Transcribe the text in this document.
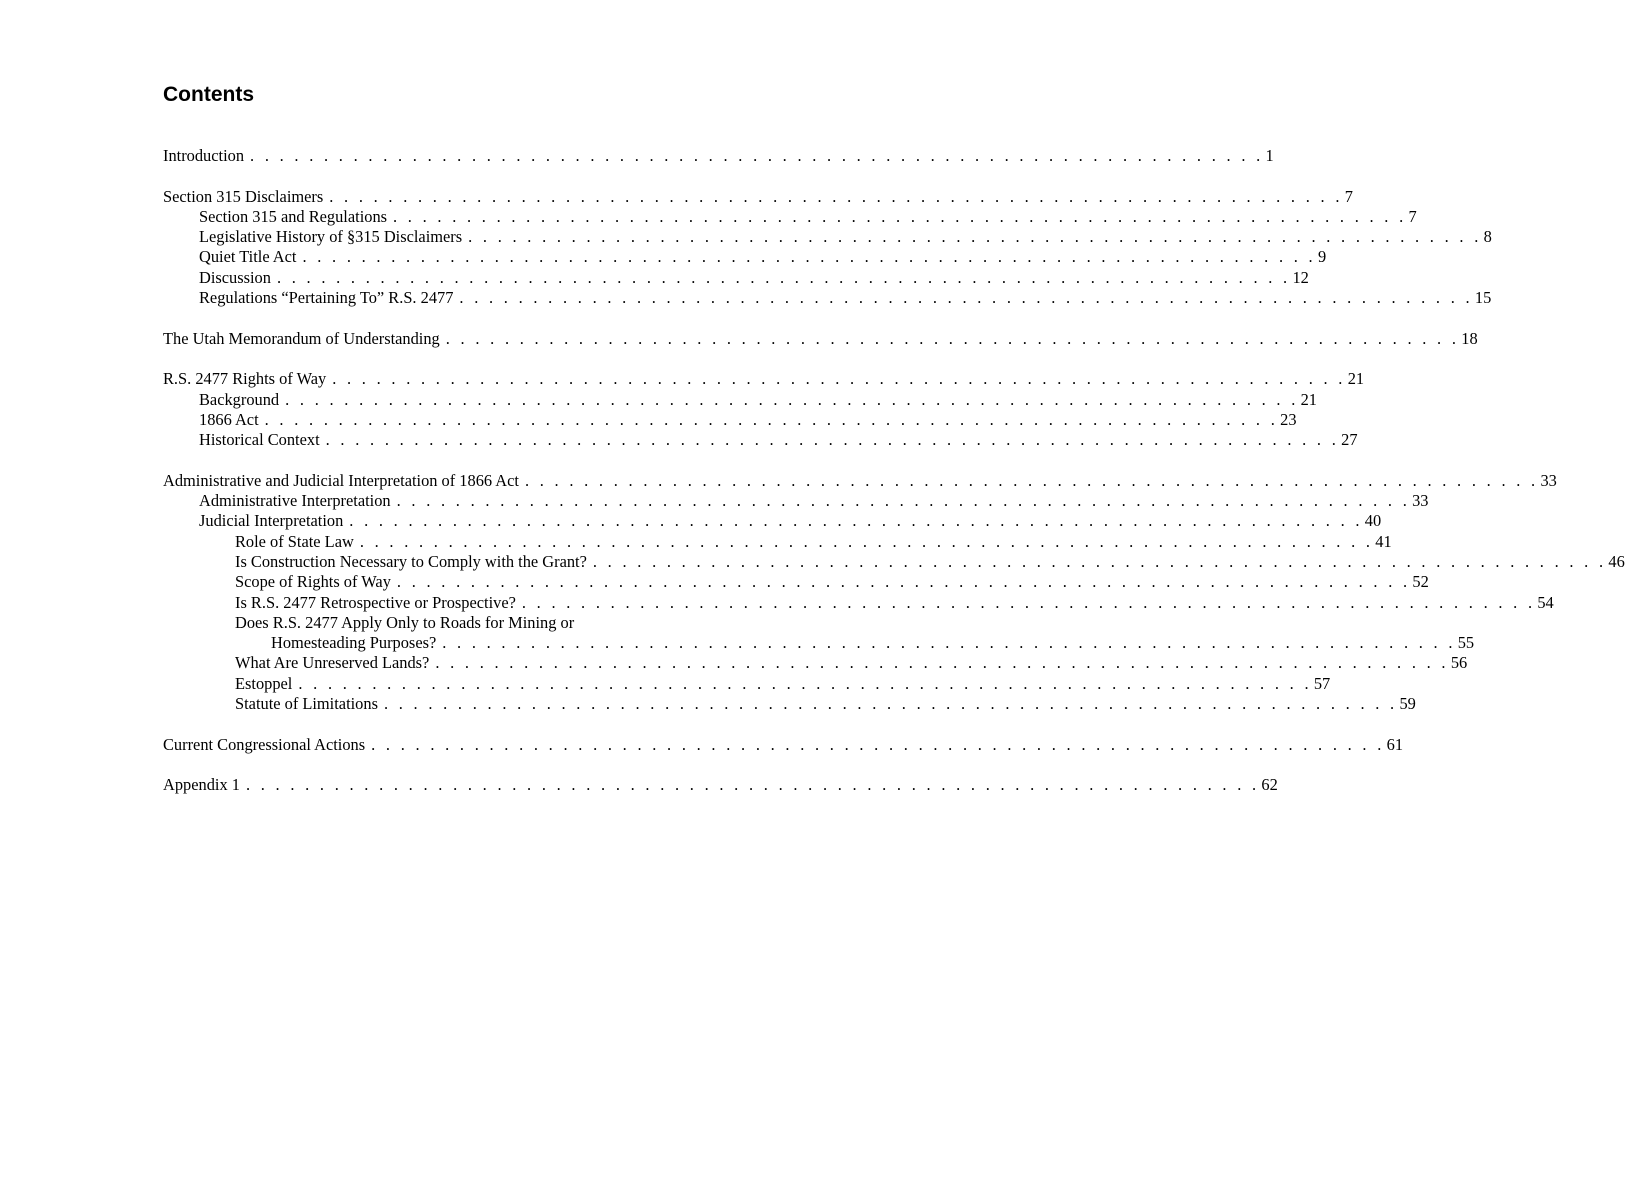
Contents
Introduction . . . . . . . . . . . . . . . . . . . . . . . . . . . . . . . . . . . . . . . . . . . . . . . . . . . . . . . . . . . . . . . . . . . . . 1
Section 315 Disclaimers . . . . . . . . . . . . . . . . . . . . . . . . . . . . . . . . . . . . . . . . . . . . . . . . . . . . . . . . . . . . . . . . . . . . . 7
Section 315 and Regulations . . . . . . . . . . . . . . . . . . . . . . . . . . . . . . . . . . . . . . . . . . . . . . . . . . . . . . . . . . . . . . . . . . . . . 7
Legislative History of §315 Disclaimers . . . . . . . . . . . . . . . . . . . . . . . . . . . . . . . . . . . . . . . . . . . . . . . . . . . . . . . . . . . . . . . . . . . . . 8
Quiet Title Act . . . . . . . . . . . . . . . . . . . . . . . . . . . . . . . . . . . . . . . . . . . . . . . . . . . . . . . . . . . . . . . . . . . . . 9
Discussion . . . . . . . . . . . . . . . . . . . . . . . . . . . . . . . . . . . . . . . . . . . . . . . . . . . . . . . . . . . . . . . . . . . . . 12
Regulations “Pertaining To” R.S. 2477 . . . . . . . . . . . . . . . . . . . . . . . . . . . . . . . . . . . . . . . . . . . . . . . . . . . . . . . . . . . . . . . . . . . . . 15
The Utah Memorandum of Understanding . . . . . . . . . . . . . . . . . . . . . . . . . . . . . . . . . . . . . . . . . . . . . . . . . . . . . . . . . . . . . . . . . . . . . 18
R.S. 2477 Rights of Way . . . . . . . . . . . . . . . . . . . . . . . . . . . . . . . . . . . . . . . . . . . . . . . . . . . . . . . . . . . . . . . . . . . . . 21
Background . . . . . . . . . . . . . . . . . . . . . . . . . . . . . . . . . . . . . . . . . . . . . . . . . . . . . . . . . . . . . . . . . . . . . 21
1866 Act . . . . . . . . . . . . . . . . . . . . . . . . . . . . . . . . . . . . . . . . . . . . . . . . . . . . . . . . . . . . . . . . . . . . . 23
Historical Context . . . . . . . . . . . . . . . . . . . . . . . . . . . . . . . . . . . . . . . . . . . . . . . . . . . . . . . . . . . . . . . . . . . . . 27
Administrative and Judicial Interpretation of 1866 Act . . . . . . . . . . . . . . . . . . . . . . . . . . . . . . . . . . . . . . . . . . . . . . . . . . . . . . . . . . . . . . . . . . . . . 33
Administrative Interpretation . . . . . . . . . . . . . . . . . . . . . . . . . . . . . . . . . . . . . . . . . . . . . . . . . . . . . . . . . . . . . . . . . . . . . 33
Judicial Interpretation . . . . . . . . . . . . . . . . . . . . . . . . . . . . . . . . . . . . . . . . . . . . . . . . . . . . . . . . . . . . . . . . . . . . . 40
Role of State Law . . . . . . . . . . . . . . . . . . . . . . . . . . . . . . . . . . . . . . . . . . . . . . . . . . . . . . . . . . . . . . . . . . . . . 41
Is Construction Necessary to Comply with the Grant? . . . . . . . . . . . . . . . . . . . . . . . . . . . . . . . . . . . . . . . . . . . . . . . . . . . . . . . . . . . . . . . . . . . . . 46
Scope of Rights of Way . . . . . . . . . . . . . . . . . . . . . . . . . . . . . . . . . . . . . . . . . . . . . . . . . . . . . . . . . . . . . . . . . . . . . 52
Is R.S. 2477 Retrospective or Prospective? . . . . . . . . . . . . . . . . . . . . . . . . . . . . . . . . . . . . . . . . . . . . . . . . . . . . . . . . . . . . . . . . . . . . . 54
Does R.S. 2477 Apply Only to Roads for Mining or
Homesteading Purposes? . . . . . . . . . . . . . . . . . . . . . . . . . . . . . . . . . . . . . . . . . . . . . . . . . . . . . . . . . . . . . . . . . . . . . 55
What Are Unreserved Lands? . . . . . . . . . . . . . . . . . . . . . . . . . . . . . . . . . . . . . . . . . . . . . . . . . . . . . . . . . . . . . . . . . . . . . 56
Estoppel . . . . . . . . . . . . . . . . . . . . . . . . . . . . . . . . . . . . . . . . . . . . . . . . . . . . . . . . . . . . . . . . . . . . . 57
Statute of Limitations . . . . . . . . . . . . . . . . . . . . . . . . . . . . . . . . . . . . . . . . . . . . . . . . . . . . . . . . . . . . . . . . . . . . . 59
Current Congressional Actions . . . . . . . . . . . . . . . . . . . . . . . . . . . . . . . . . . . . . . . . . . . . . . . . . . . . . . . . . . . . . . . . . . . . . 61
Appendix 1 . . . . . . . . . . . . . . . . . . . . . . . . . . . . . . . . . . . . . . . . . . . . . . . . . . . . . . . . . . . . . . . . . . . . . 62
